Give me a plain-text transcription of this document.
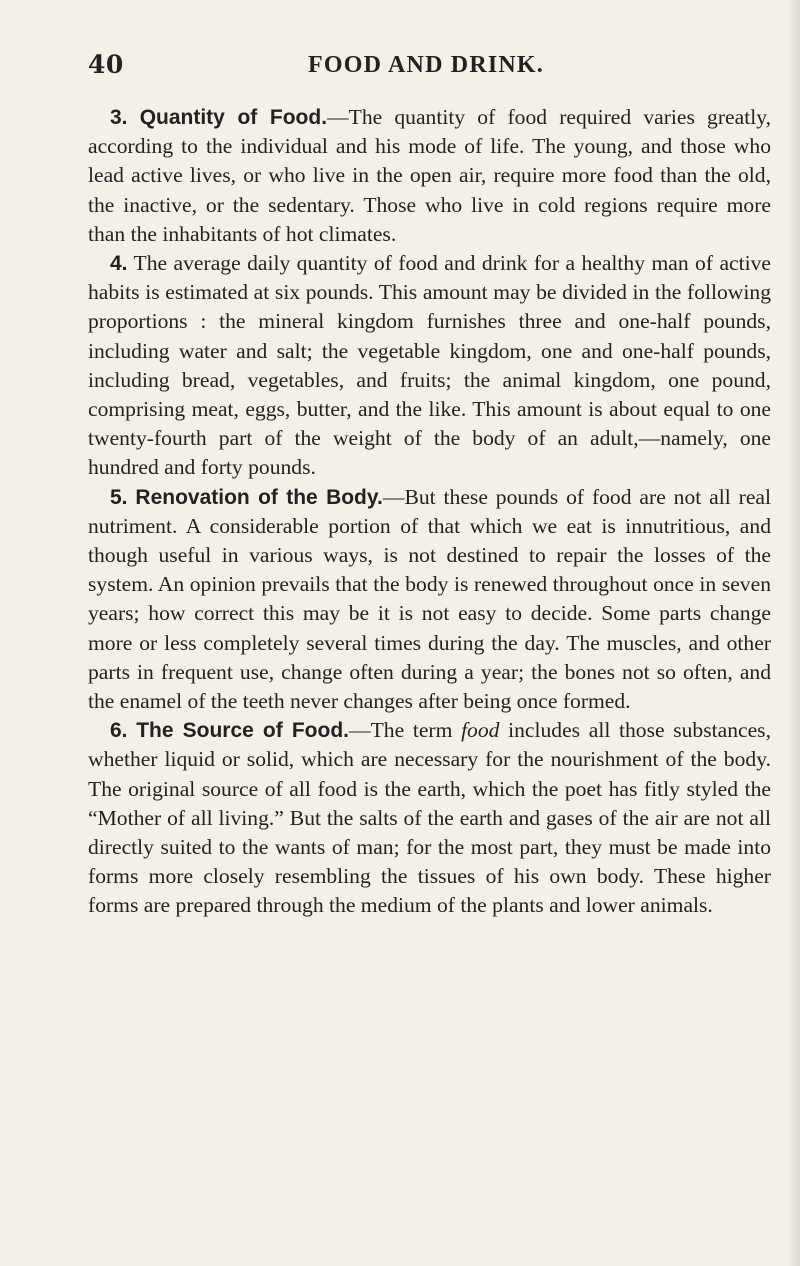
40	FOOD AND DRINK.

3. Quantity of Food.—The quantity of food required varies greatly, according to the individual and his mode of life. The young, and those who lead active lives, or who live in the open air, require more food than the old, the inactive, or the sedentary. Those who live in cold regions require more than the inhabitants of hot climates.

4. The average daily quantity of food and drink for a healthy man of active habits is estimated at six pounds. This amount may be divided in the following proportions : the mineral kingdom furnishes three and one-half pounds, including water and salt; the vegetable kingdom, one and one-half pounds, including bread, vegetables, and fruits; the animal kingdom, one pound, comprising meat, eggs, butter, and the like. This amount is about equal to one twenty-fourth part of the weight of the body of an adult,—namely, one hundred and forty pounds.

5. Renovation of the Body.—But these pounds of food are not all real nutriment. A considerable portion of that which we eat is innutritious, and though useful in various ways, is not destined to repair the losses of the system. An opinion prevails that the body is renewed throughout once in seven years; how correct this may be it is not easy to decide. Some parts change more or less completely several times during the day. The muscles, and other parts in frequent use, change often during a year; the bones not so often, and the enamel of the teeth never changes after being once formed.

6. The Source of Food.—The term food includes all those substances, whether liquid or solid, which are necessary for the nourishment of the body. The original source of all food is the earth, which the poet has fitly styled the “Mother of all living.” But the salts of the earth and gases of the air are not all directly suited to the wants of man; for the most part, they must be made into forms more closely resembling the tissues of his own body. These higher forms are prepared through the medium of the plants and lower animals.
